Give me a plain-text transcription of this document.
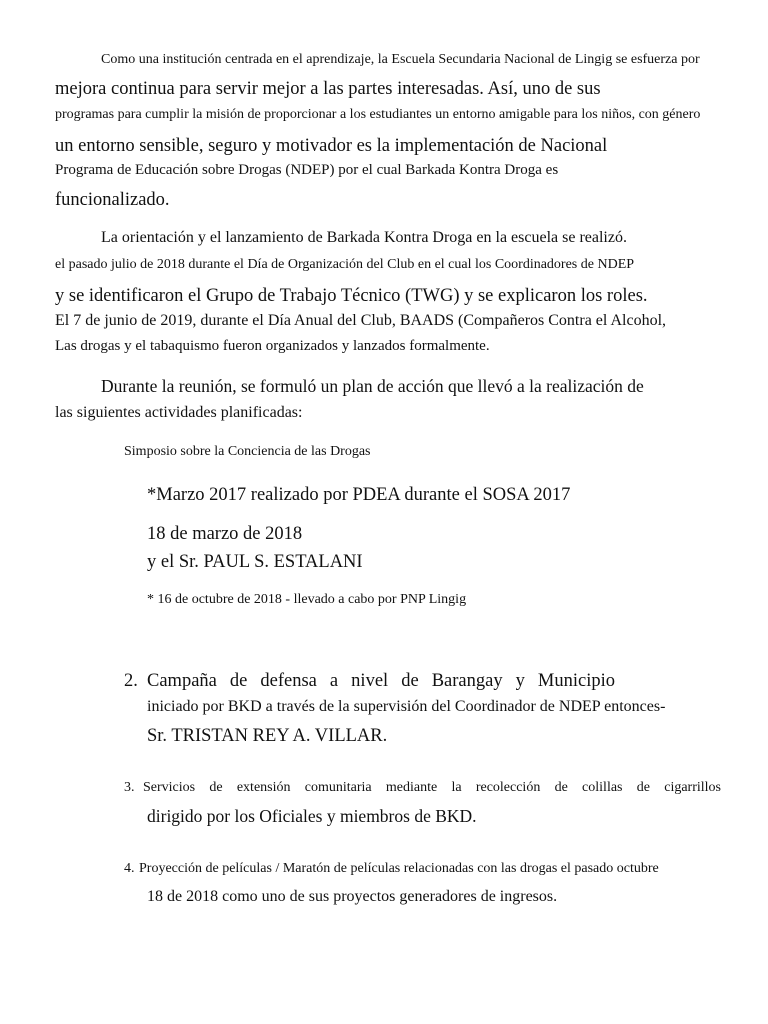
Como una institución centrada en el aprendizaje, la Escuela Secundaria Nacional de Lingig se esfuerza por
mejora continua para servir mejor a las partes interesadas. Así, uno de sus
programas para cumplir la misión de proporcionar a los estudiantes un entorno amigable para los niños, con género
un entorno sensible, seguro y motivador es la implementación de Nacional
Programa de Educación sobre Drogas (NDEP) por el cual Barkada Kontra Droga es
funcionalizado.
La orientación y el lanzamiento de Barkada Kontra Droga en la escuela se realizó.
el pasado julio de 2018 durante el Día de Organización del Club en el cual los Coordinadores de NDEP
y se identificaron el Grupo de Trabajo Técnico (TWG) y se explicaron los roles.
El 7 de junio de 2019, durante el Día Anual del Club, BAADS (Compañeros Contra el Alcohol,
Las drogas y el tabaquismo fueron organizados y lanzados formalmente.
Durante la reunión, se formuló un plan de acción que llevó a la realización de
las siguientes actividades planificadas:
Simposio sobre la Conciencia de las Drogas
*Marzo 2017 realizado por PDEA durante el SOSA 2017
18 de marzo de 2018
y el Sr. PAUL S. ESTALANI
* 16 de octubre de 2018 - llevado a cabo por PNP Lingig
2. Campaña de defensa a nivel de Barangay y Municipio
iniciado por BKD a través de la supervisión del Coordinador de NDEP entonces-
Sr. TRISTAN REY A. VILLAR.
3. Servicios de extensión comunitaria mediante la recolección de colillas de cigarrillos
dirigido por los Oficiales y miembros de BKD.
4. Proyección de películas / Maratón de películas relacionadas con las drogas el pasado octubre
18 de 2018 como uno de sus proyectos generadores de ingresos.
